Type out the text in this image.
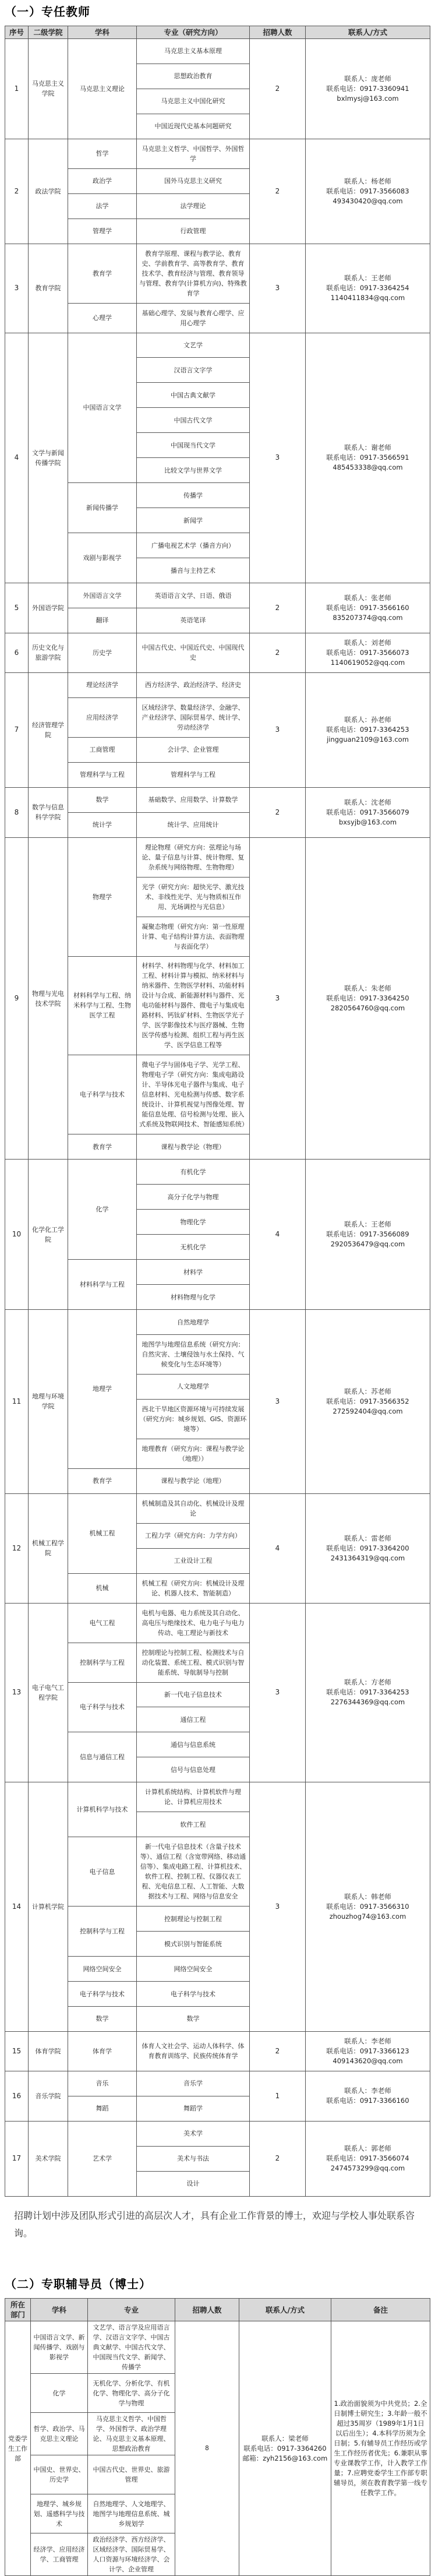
（一）专任教师
序号	二级学院	学科	专业（研究方向）	招聘人数	联系人/方式
1	马克思主义学院	马克思主义理论	马克思主义基本原理	2	联系人：庞老师
联系电话：0917-3360941
bxlmysj@163.com

			思想政治教育		
			马克思主义中国化研究		
			中国近现代史基本问题研究		
2	政法学院	哲学	马克思主义哲学、中国哲学、外国哲学	2	联系人：杨老师
联系电话：0917-3566083
493430420@qq.com

		政治学	国外马克思主义研究		
		法学	法学理论		
		管理学	行政管理		
3	教育学院	教育学	教育学原理、课程与教学论、教育史、学前教育学、高等教育学、教育技术学、教育经济与管理、教育领导与管理、教育学(计算机方向)、特殊教育学	3	联系人：王老师
联系电话：0917-3364254
1140411834@qq.com

		心理学	基础心理学、发展与教育心理学、应用心理学		
4	文学与新闻传播学院	中国语言文学	文艺学	3	联系人：谢老师
联系电话：0917-3566591
485453338@qq.com

			汉语言文字学		
			中国古典文献学		
			中国古代文学		
			中国现当代文学		
			比较文学与世界文学		
		新闻传播学	传播学		
			新闻学		
		戏剧与影视学	广播电视艺术学（播音方向）		
			播音与主持艺术		
5	外国语学院	外国语言文学	英语语言文学、日语、俄语	2	联系人：张老师
联系电话：0917-3566160
835207374@qq.com

		翻译	英语笔译		
6	历史文化与旅游学院	历史学	中国古代史、中国近代史、中国现代史	2	联系人：刘老师
联系电话：0917-3566073
1140619052@qq.com

7	经济管理学院	理论经济学	西方经济学、政治经济学、经济史	3	联系人：孙老师
联系电话：0917-3364253
jingguan2109@163.com

		应用经济学	区域经济学、数量经济学、金融学、产业经济学、国际贸易学、统计学、劳动经济学		
		工商管理	会计学、企业管理		
		管理科学与工程	管理科学与工程		
8	数学与信息科学学院	数学	基础数学、应用数学、计算数学	2	联系人：沈老师
联系电话：0917-3566079
bxsyjb@163.com

		统计学	统计学、应用统计		
9	物理与光电技术学院	物理学	理论物理（研究方向：弦理论与场论、量子信息与计算、统计物理、复杂系统与网络物理、生物物理）	3	联系人：朱老师
联系电话：0917-3364250
2820564760@qq.com

			光学（研究方向：超快光学、激光技术、非线性光学、光与物质相互作用、光场调控与光信息）		
			凝聚态物理（研究方向：第一性原理计算、电子结构计算方法、表面物理与表面化学）		
		材料科学与工程、纳米科学与工程、生物医学工程	材料学、材料物理与化学、材料加工工程、材料计算与模拟、纳米材料与纳米器件、生物医学材料、功能材料设计与合成、新能源材料与器件、光电功能材料与器件、微电子与集成电路材料、钙钛矿材料、生物医学光子学、医学影像技术与医疗器械、生物医学传感与检测、组织工程与再生医学、医学信息工程等		
		电子科学与技术	微电子学与固体电子学、光学工程、物理电子学（研究方向：集成电路设计、半导体光电子器件与集成、电子信息材料、光电检测与传感、数字系统设计、计算机视觉与图像处理、智能信息处理、信号检测与处理、嵌入式系统及物联网技术、智能感知系统）		
		教育学	课程与教学论（物理）		
10	化学化工学院	化学	有机化学	4	联系人：王老师
联系电话：0917-3566089
2920536479@qq.com

			高分子化学与物理		
			物理化学		
			无机化学		
		材料科学与工程	材料学		
			材料物理与化学		
11	地理与环境学院	地理学	自然地理学	3	联系人：苏老师
联系电话：0917-3566352
272592404@qq.com

			地图学与地理信息系统（研究方向：自然灾害、土壤侵蚀与水土保持、气候变化与生态环境等）		
			人文地理学		
			西北干旱地区资源环境与可持续发展（研究方向：城乡规划、GIS、资源环境等）		
			地理教育（研究方向：课程与教学论（地理））		
		教育学	课程与教学论（地理）		
12	机械工程学院	机械工程	机械制造及其自动化、机械设计及理论	4	联系人：雷老师
联系电话：0917-3364200
2431364319@qq.com

			工程力学（研究方向：力学方向）		
			工业设计工程		
		机械	机械工程（研究方向：机械设计及理论、机器人技术、智能制造）		
13	电子电气工程学院	电气工程	电机与电器、电力系统及其自动化、高电压与绝缘技术、电力电子与电力传动、电工理论与新技术	3	联系人：方老师
联系电话：0917-3364253
2276344369@qq.com

		控制科学与工程	控制理论与控制工程、检测技术与自动化装置、系统工程、模式识别与智能系统、导航制导与控制		
		电子科学与技术	新一代电子信息技术		
			通信工程		
		信息与通信工程	通信与信息系统		
			信号与信息处理		
14	计算机学院	计算机科学与技术	计算机系统结构、计算机软件与理论、计算机应用技术	3	联系人：韩老师
联系电话：0917-3566310
zhouzhog74@163.com

			软件工程		
		电子信息	新一代电子信息技术（含量子技术等）、通信工程（含宽带网络、移动通信等）、集成电路工程、计算机技术、软件工程、控制工程、仪器仪表工程、光电信息工程、人工智能、大数据技术与工程、网络与信息安全		
		控制科学与工程	控制理论与控制工程		
			模式识别与智能系统		
		网络空间安全	网络空间安全		
		电子科学与技术	电子科学与技术		
		数学	数学		
15	体育学院	体育学	体育人文社会学、运动人体科学、体育教育训练学、民族传统体育学	2	联系人：李老师
联系电话：0917-3366123
409143620@qq.com

16	音乐学院	音乐	音乐学	1	联系人：李老师
联系电话：0917-3366160

		舞蹈	舞蹈学		
17	美术学院	艺术学	美术学	2	联系人：郭老师
联系电话：0917-3566074
2474573299@qq.com

			美术与书法		
			设计		
招聘计划中涉及团队形式引进的高层次人才，具有企业工作背景的博士，欢迎与学校人事处联系咨询。
（二）专职辅导员（博士）
所在部门	学科	专业	招聘人数	联系人/方式	备注
党委学生工作部	中国语言文学、新闻传播学、戏剧与影视学	文艺学、语言学及应用语言学、汉语言文字学、中国古典文献学、中国古代文学、中国现当代文学、新闻学、传播学	8	联系人：梁老师
联系电话：0917-3364260
邮箱：zyh2156@163.com	1.政治面貌须为中共党员；2.全日制博士研究生；3.年龄一般不超过35周岁（1989年1月1日以后出生）；4.本科学历须为全日制；5.有辅导员工作经历或学生工作经历者优先；6.兼职从事专业课教学工作，计入教学工作量；7.应聘党委学生工作部专职辅导员，须在教育教学第一线专任教学工作。
	化学	无机化学、分析化学、有机化学、物理化学、高分子化学与物理			
	哲学、政治学、马克思主义理论	马克思主义哲学、中国哲学、外国哲学、政治学理论、马克思主义基本原理、思想政治教育			
	中国史、世界史、历史学	中国古代史、世界史、旅游管理			
	地理学、城乡规划、遥感科学与技术	自然地理学、人文地理学、地图学与地理信息系统、城乡规划学			
	经济学、应用经济学、工商管理	政治经济学、西方经济学、区域经济学、国际贸易学、人口资源与环境经济学、会计学、企业管理			
